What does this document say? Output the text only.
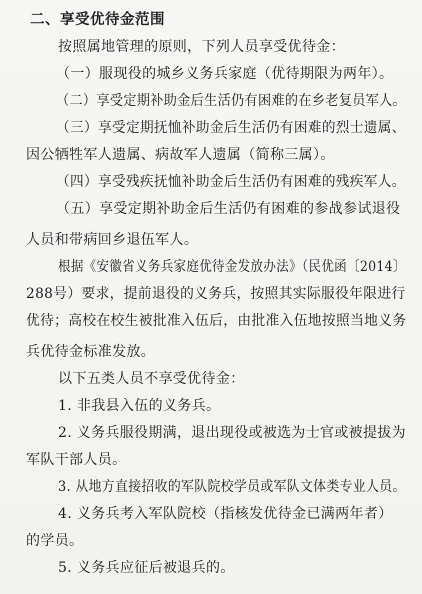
二、享受优待金范围
按照属地管理的原则，下列人员享受优待金：
（一）服现役的城乡义务兵家庭（优待期限为两年）。
（二）享受定期补助金后生活仍有困难的在乡老复员军人。
（三）享受定期抚恤补助金后生活仍有困难的烈士遗属、
因公牺牲军人遗属、病故军人遗属（简称三属）。
（四）享受残疾抚恤补助金后生活仍有困难的残疾军人。
（五）享受定期补助金后生活仍有困难的参战参试退役
人员和带病回乡退伍军人。
根据《安徽省义务兵家庭优待金发放办法》（民优函〔2014〕
288号）要求，提前退役的义务兵，按照其实际服役年限进行
优待；高校在校生被批准入伍后，由批准入伍地按照当地义务
兵优待金标准发放。
以下五类人员不享受优待金：
1. 非我县入伍的义务兵。
2. 义务兵服役期满，退出现役或被选为士官或被提拔为
军队干部人员。
3. 从地方直接招收的军队院校学员或军队文体类专业人员。
4. 义务兵考入军队院校（指核发优待金已满两年者）
的学员。
5. 义务兵应征后被退兵的。
